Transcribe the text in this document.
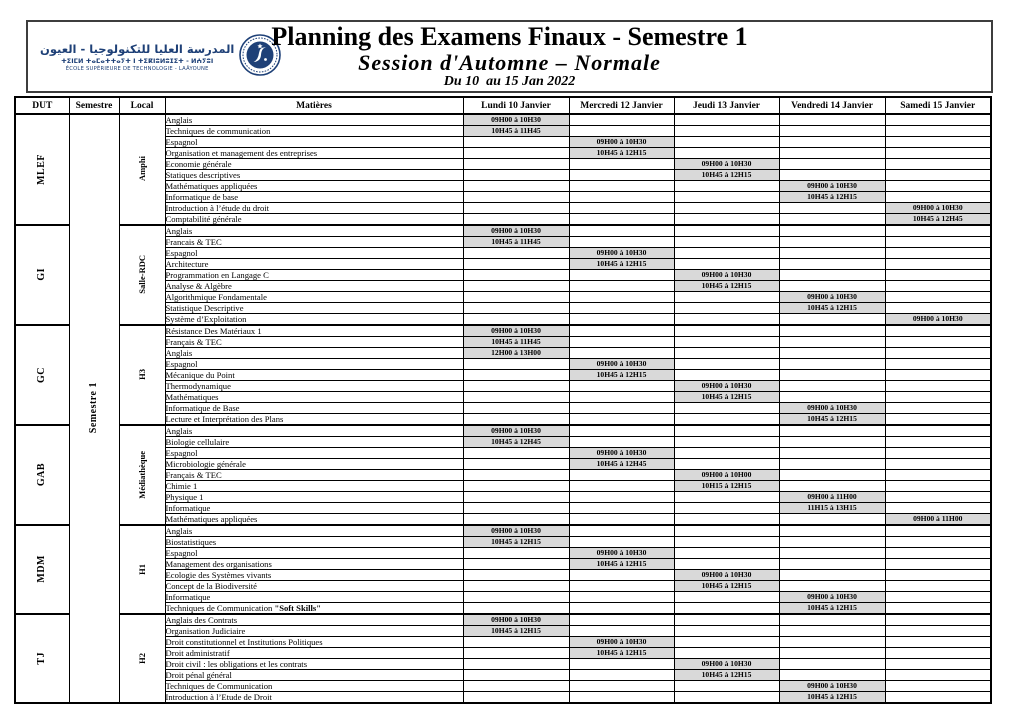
المدرسة العليا للتكنولوجيا - العيون
ⵜⵉⵏⵎⵍ ⵜⴰⵎⴰⵜⵜⴰⵢⵜ ⵏ ⵜⵉⴽⵏⵓⵍⵓⵊⵉⵜ - ⵍⵄⵢⵓⵏ
ÉCOLE SUPÉRIEURE DE TECHNOLOGIE - LAÂYOUNE
Planning des Examens Finaux - Semestre 1
Session d'Automne – Normale
Du 10  au 15 Jan 2022
DUT	Semestre	Local	Matières	Lundi 10 Janvier	Mercredi 12 Janvier	Jeudi 13 Janvier	Vendredi 14 Janvier	Samedi 15 Janvier
MLEF	Semestre 1	Amphi	Anglais	09H00 à 10H30				
			Techniques de communication	10H45 à 11H45				
			Espagnol		09H00 à 10H30			
			Organisation et management des entreprises		10H45 à 12H15			
			Economie générale			09H00 à 10H30		
			Statiques descriptives			10H45 à 12H15		
			Mathématiques appliquées				09H00 à 10H30	
			Informatique de base				10H45 à 12H15	
			Introduction à l’étude du droit					09H00 à 10H30
			Comptabilité générale					10H45 à 12H45
GI		Salle-RDC	Anglais	09H00 à 10H30				
			Francais & TEC	10H45 à 11H45				
			Espagnol		09H00 à 10H30			
			Architecture		10H45 à 12H15			
			Programmation en Langage C			09H00 à 10H30		
			Analyse & Algèbre			10H45 à 12H15		
			Algorithmique Fondamentale				09H00 à 10H30	
			Statistique Descriptive				10H45 à 12H15	
			Système d’Exploitation					09H00 à 10H30
GC		H3	Résistance Des Matériaux 1	09H00 à 10H30				
			Français & TEC	10H45 à 11H45				
			Anglais	12H00 à 13H00				
			Espagnol		09H00 à 10H30			
			Mécanique du Point		10H45 à 12H15			
			Thermodynamique			09H00 à 10H30		
			Mathématiques			10H45 à 12H15		
			Informatique de Base				09H00 à 10H30	
			Lecture et Interprétation des Plans				10H45 à 12H15	
GAB		Médiathèque	Anglais	09H00 à 10H30				
			Biologie cellulaire	10H45 à 12H45				
			Espagnol		09H00 à 10H30			
			Microbiologie générale		10H45 à 12H45			
			Français & TEC			09H00 à 10H00		
			Chimie 1			10H15 à 12H15		
			Physique 1				09H00 à 11H00	
			Informatique				11H15 à 13H15	
			Mathématiques appliquées					09H00 à 11H00
MDM		H1	Anglais	09H00 à 10H30				
			Biostatistiques	10H45 à 12H15				
			Espagnol		09H00 à 10H30			
			Management des organisations		10H45 à 12H15			
			Ecologie des Systèmes vivants			09H00 à 10H30		
			Concept de la Biodiversité			10H45 à 12H15		
			Informatique				09H00 à 10H30	
			Techniques de Communication "Soft Skills"				10H45 à 12H15	
TJ		H2	Anglais des Contrats	09H00 à 10H30				
			Organisation Judiciaire	10H45 à 12H15				
			Droit constitutionnel et Institutions Politiques		09H00 à 10H30			
			Droit administratif		10H45 à 12H15			
			Droit civil : les obligations et les contrats			09H00 à 10H30		
			Droit pénal général			10H45 à 12H15		
			Techniques de Communication				09H00 à 10H30	
			Introduction à l’Etude de Droit				10H45 à 12H15	
